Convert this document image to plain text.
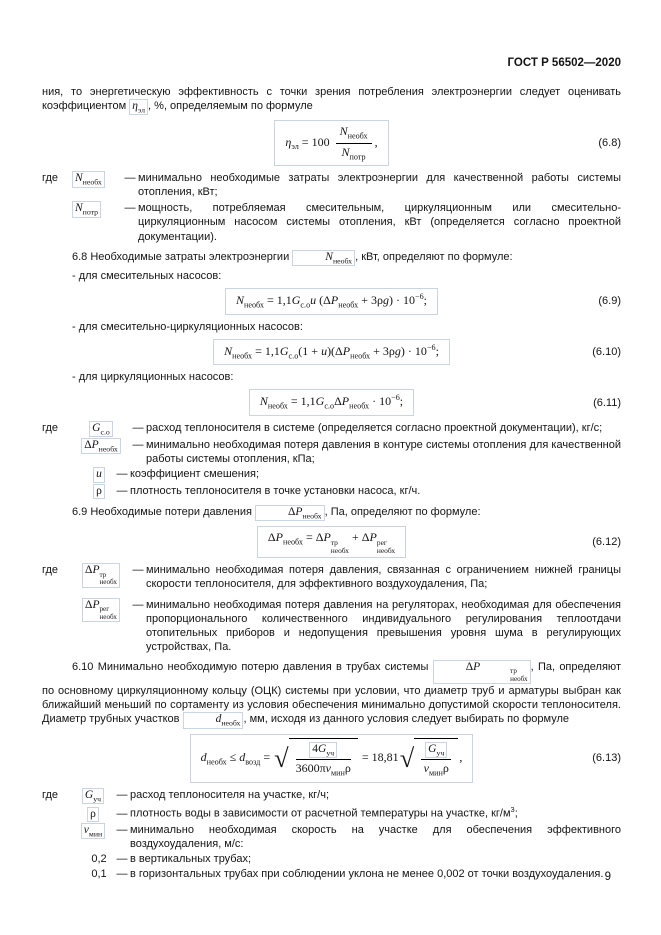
ГОСТ Р 56502—2020

ния, то энергетическую эффективность с точки зрения потребления электроэнергии следует оценивать коэффициентом $\eta_{эл}$ , %, определяемым по формуле

$\eta_{эл} = 100 \frac{N_{необх}}{N_{потр}}$ ,	(6.8)
где	$N_{необх}$	— минимально необходимые затраты электроэнергии для качественной работы системы отопления, кВт;
$N_{потр}$	— мощность, потребляемая смесительным, циркуляционным или смесительно-циркуляционным насосом системы отопления, кВт (определяется согласно проектной документации).

6.8 Необходимые затраты электроэнергии	$N_{необх}$ , кВт, определяют по формуле:

- для смесительных насосов:

$N_{необх} = 1,1G_{с.о}u$ $(\Delta P_{необх} + 3\rho g) \cdot 10^{-6}$;	(6.9)

- для смесительно-циркуляционных насосов:

$N_{необх} = 1,1G_{с.о}(1 + u)(\Delta P_{необх} + 3\rho g) \cdot 10^{-6}$;	(6.10)

- для циркуляционных насосов:

$N_{необх} = 1,1G_{с.о}\Delta P_{необх} \cdot 10^{-6}$;	(6.11)
где	$G_{с.о}$	— расход теплоносителя в системе (определяется согласно проектной документации), кг/с;
$\Delta P_{необх}$	— минимально необходимая потеря давления в контуре системы отопления для качественной работы системы отопления, кПа;
u	— коэффициент смешения;
ρ	— плотность теплоносителя в точке установки насоса, кг/ч.

6.9 Необходимые потери давления	$\Delta P_{необх}$ , Па, определяют по формуле:

$\Delta P_{необх} = \Delta P$ тр
необх
+ ΔP рег
необх
(6.12)
где	ΔP тр
необх
— минимально необходимая потеря давления, связанная с ограничением нижней границы скорости теплоносителя, для эффективного воздухоудаления, Па;
ΔP рег
необх
— минимально необходимая потеря давления на регуляторах, необходимая для обеспечения пропорционального количественного индивидуального регулирования теплоотдачи отопительных приборов и недопущения превышения уровня шума в регулирующих устройствах, Па.

6.10 Минимально необходимую потерю давления в трубах системы	ΔP	тр
необх
, Па, определяют по основному циркуляционному кольцу (ОЦК) системы при условии, что диаметр труб и арматуры выбран как ближайший меньший по сортаменту из условия обеспечения минимально допустимой скорости теплоносителя. Диаметр трубных участков	$d_{необх}$ , мм, исходя из данного условия следует выбирать по формуле

$d_{необх} \le d_{возд}$ = √ $\frac{4G_{уч}}{3600\pi v_{мин}\rho} = 18,81$ √ $\frac{G_{уч}}{v_{мин}\rho}$ ,	(6.13)
где	$G_{уч}$	— расход теплоносителя на участке, кг/ч;
ρ	— плотность воды в зависимости от расчетной температуры на участке, $кг/м^3$;
$v_{мин}$	— минимально необходимая скорость на участке для обеспечения эффективного воздухоудаления, м/с:
0,2 — в вертикальных трубах;
0,1 — в горизонтальных трубах при соблюдении уклона не менее 0,002 от точки воздухоудаления. 9
